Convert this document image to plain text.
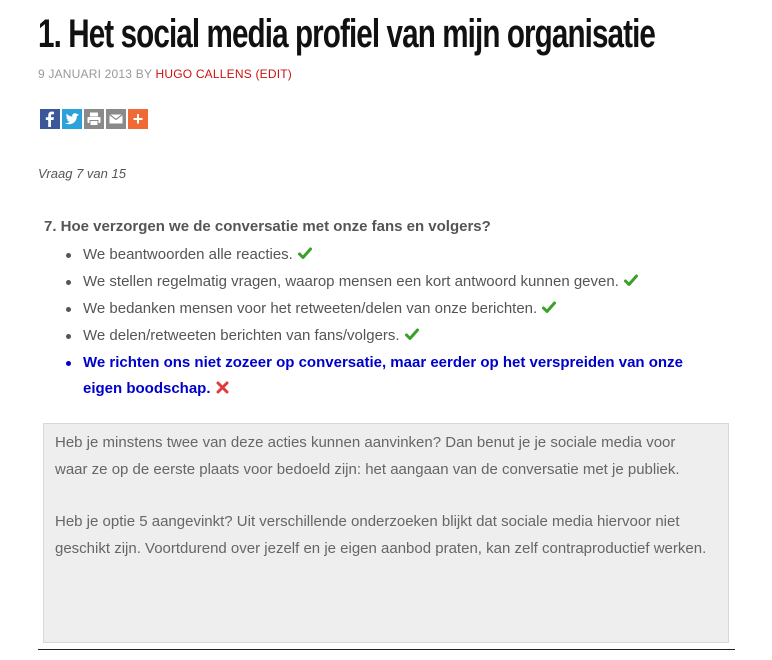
1. Het social media profiel van mijn organisatie
9 JANUARI 2013 BY HUGO CALLENS (EDIT)
+
Vraag 7 van 15
7. Hoe verzorgen we de conversatie met onze fans en volgers?
We beantwoorden alle reacties.
We stellen regelmatig vragen, waarop mensen een kort antwoord kunnen geven.
We bedanken mensen voor het retweeten/delen van onze berichten.
We delen/retweeten berichten van fans/volgers.
We richten ons niet zozeer op conversatie, maar eerder op het verspreiden van onze eigen boodschap.

Heb je minstens twee van deze acties kunnen aanvinken? Dan benut je je sociale media voor waar ze op de eerste plaats voor bedoeld zijn: het aangaan van de conversatie met je publiek.

Heb je optie 5 aangevinkt? Uit verschillende onderzoeken blijkt dat sociale media hiervoor niet geschikt zijn. Voortdurend over jezelf en je eigen aanbod praten, kan zelf contraproductief werken.
